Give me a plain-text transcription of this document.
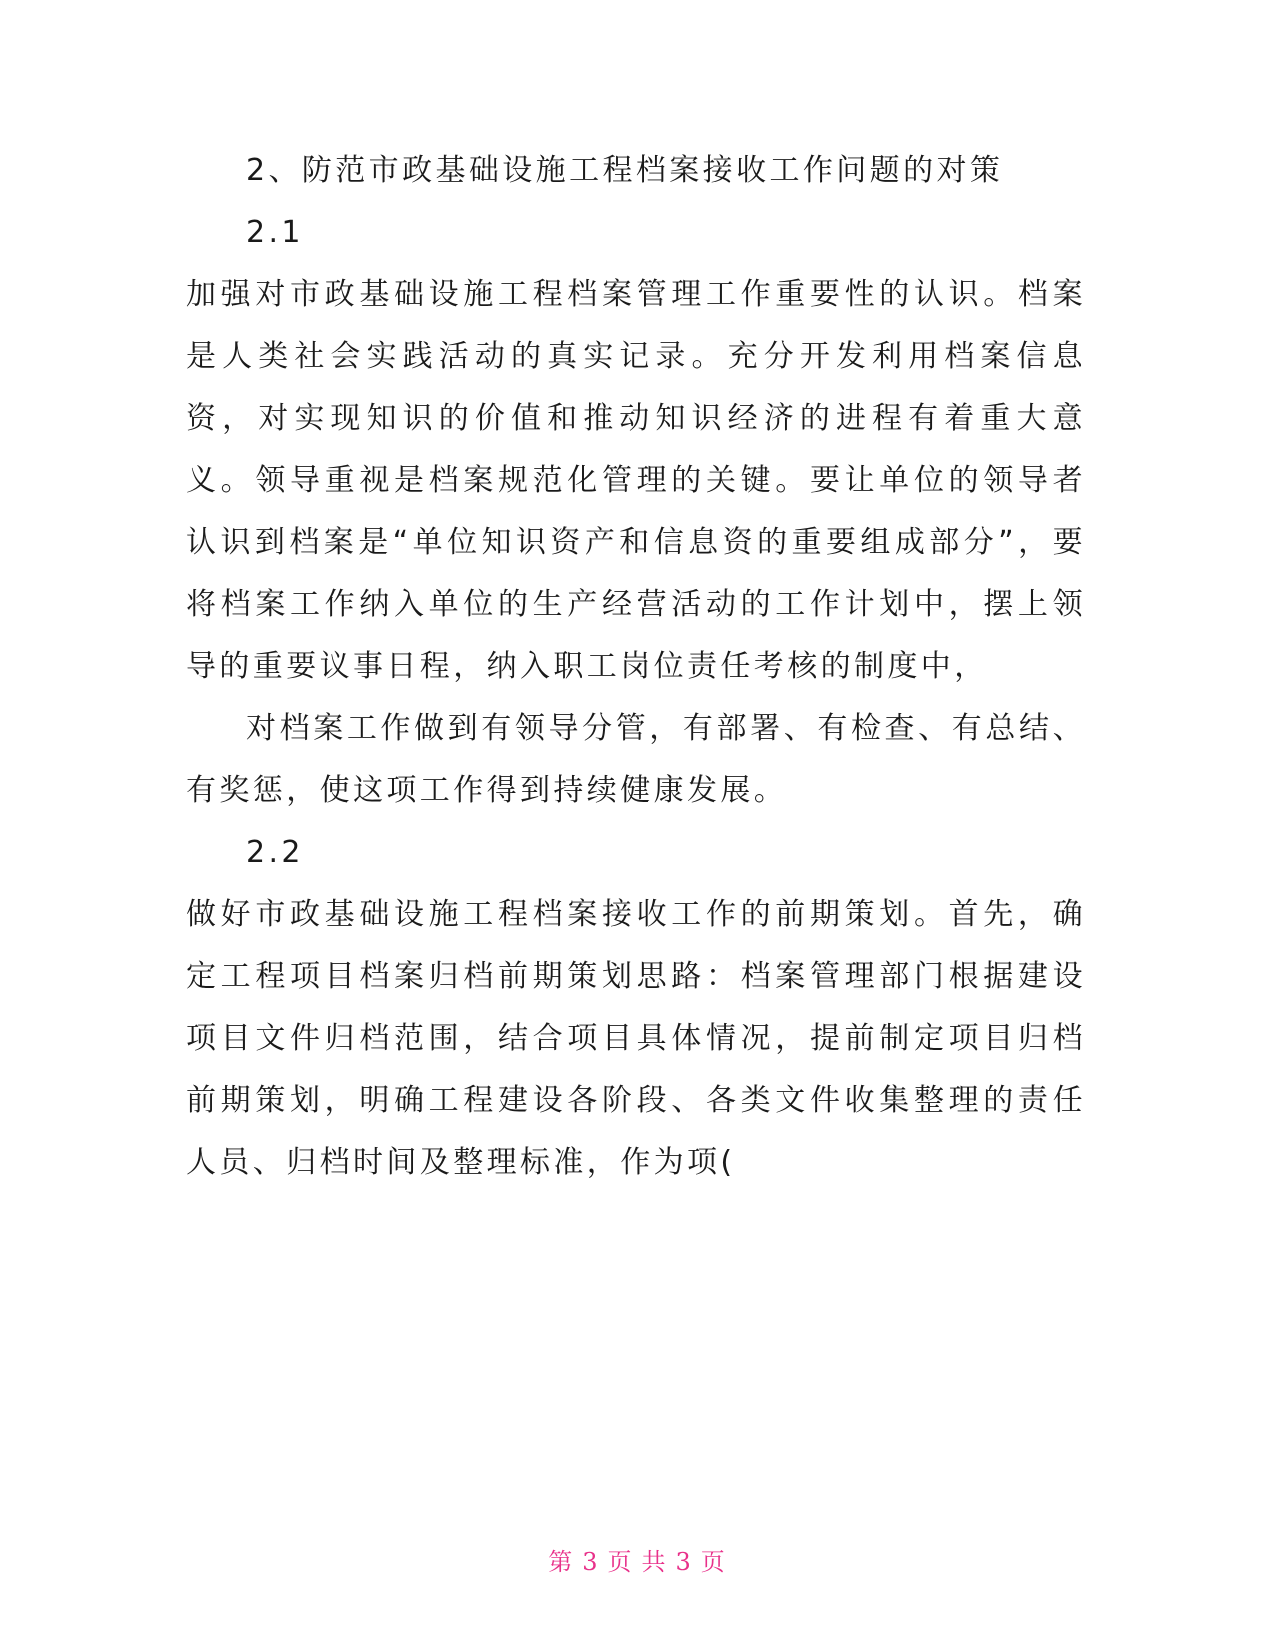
2、防范市政基础设施工程档案接收工作问题的对策

2.1

加强对市政基础设施工程档案管理工作重要性的认识。档案是人类社会实践活动的真实记录。充分开发利用档案信息资，对实现知识的价值和推动知识经济的进程有着重大意义。领导重视是档案规范化管理的关键。要让单位的领导者认识到档案是“单位知识资产和信息资的重要组成部分”，要将档案工作纳入单位的生产经营活动的工作计划中，摆上领导的重要议事日程，纳入职工岗位责任考核的制度中，

对档案工作做到有领导分管，有部署、有检查、有总结、有奖惩，使这项工作得到持续健康发展。

2.2

做好市政基础设施工程档案接收工作的前期策划。首先，确定工程项目档案归档前期策划思路：档案管理部门根据建设项目文件归档范围，结合项目具体情况，提前制定项目归档前期策划，明确工程建设各阶段、各类文件收集整理的责任人员、归档时间及整理标准，作为项(

第 3 页 共 3 页
